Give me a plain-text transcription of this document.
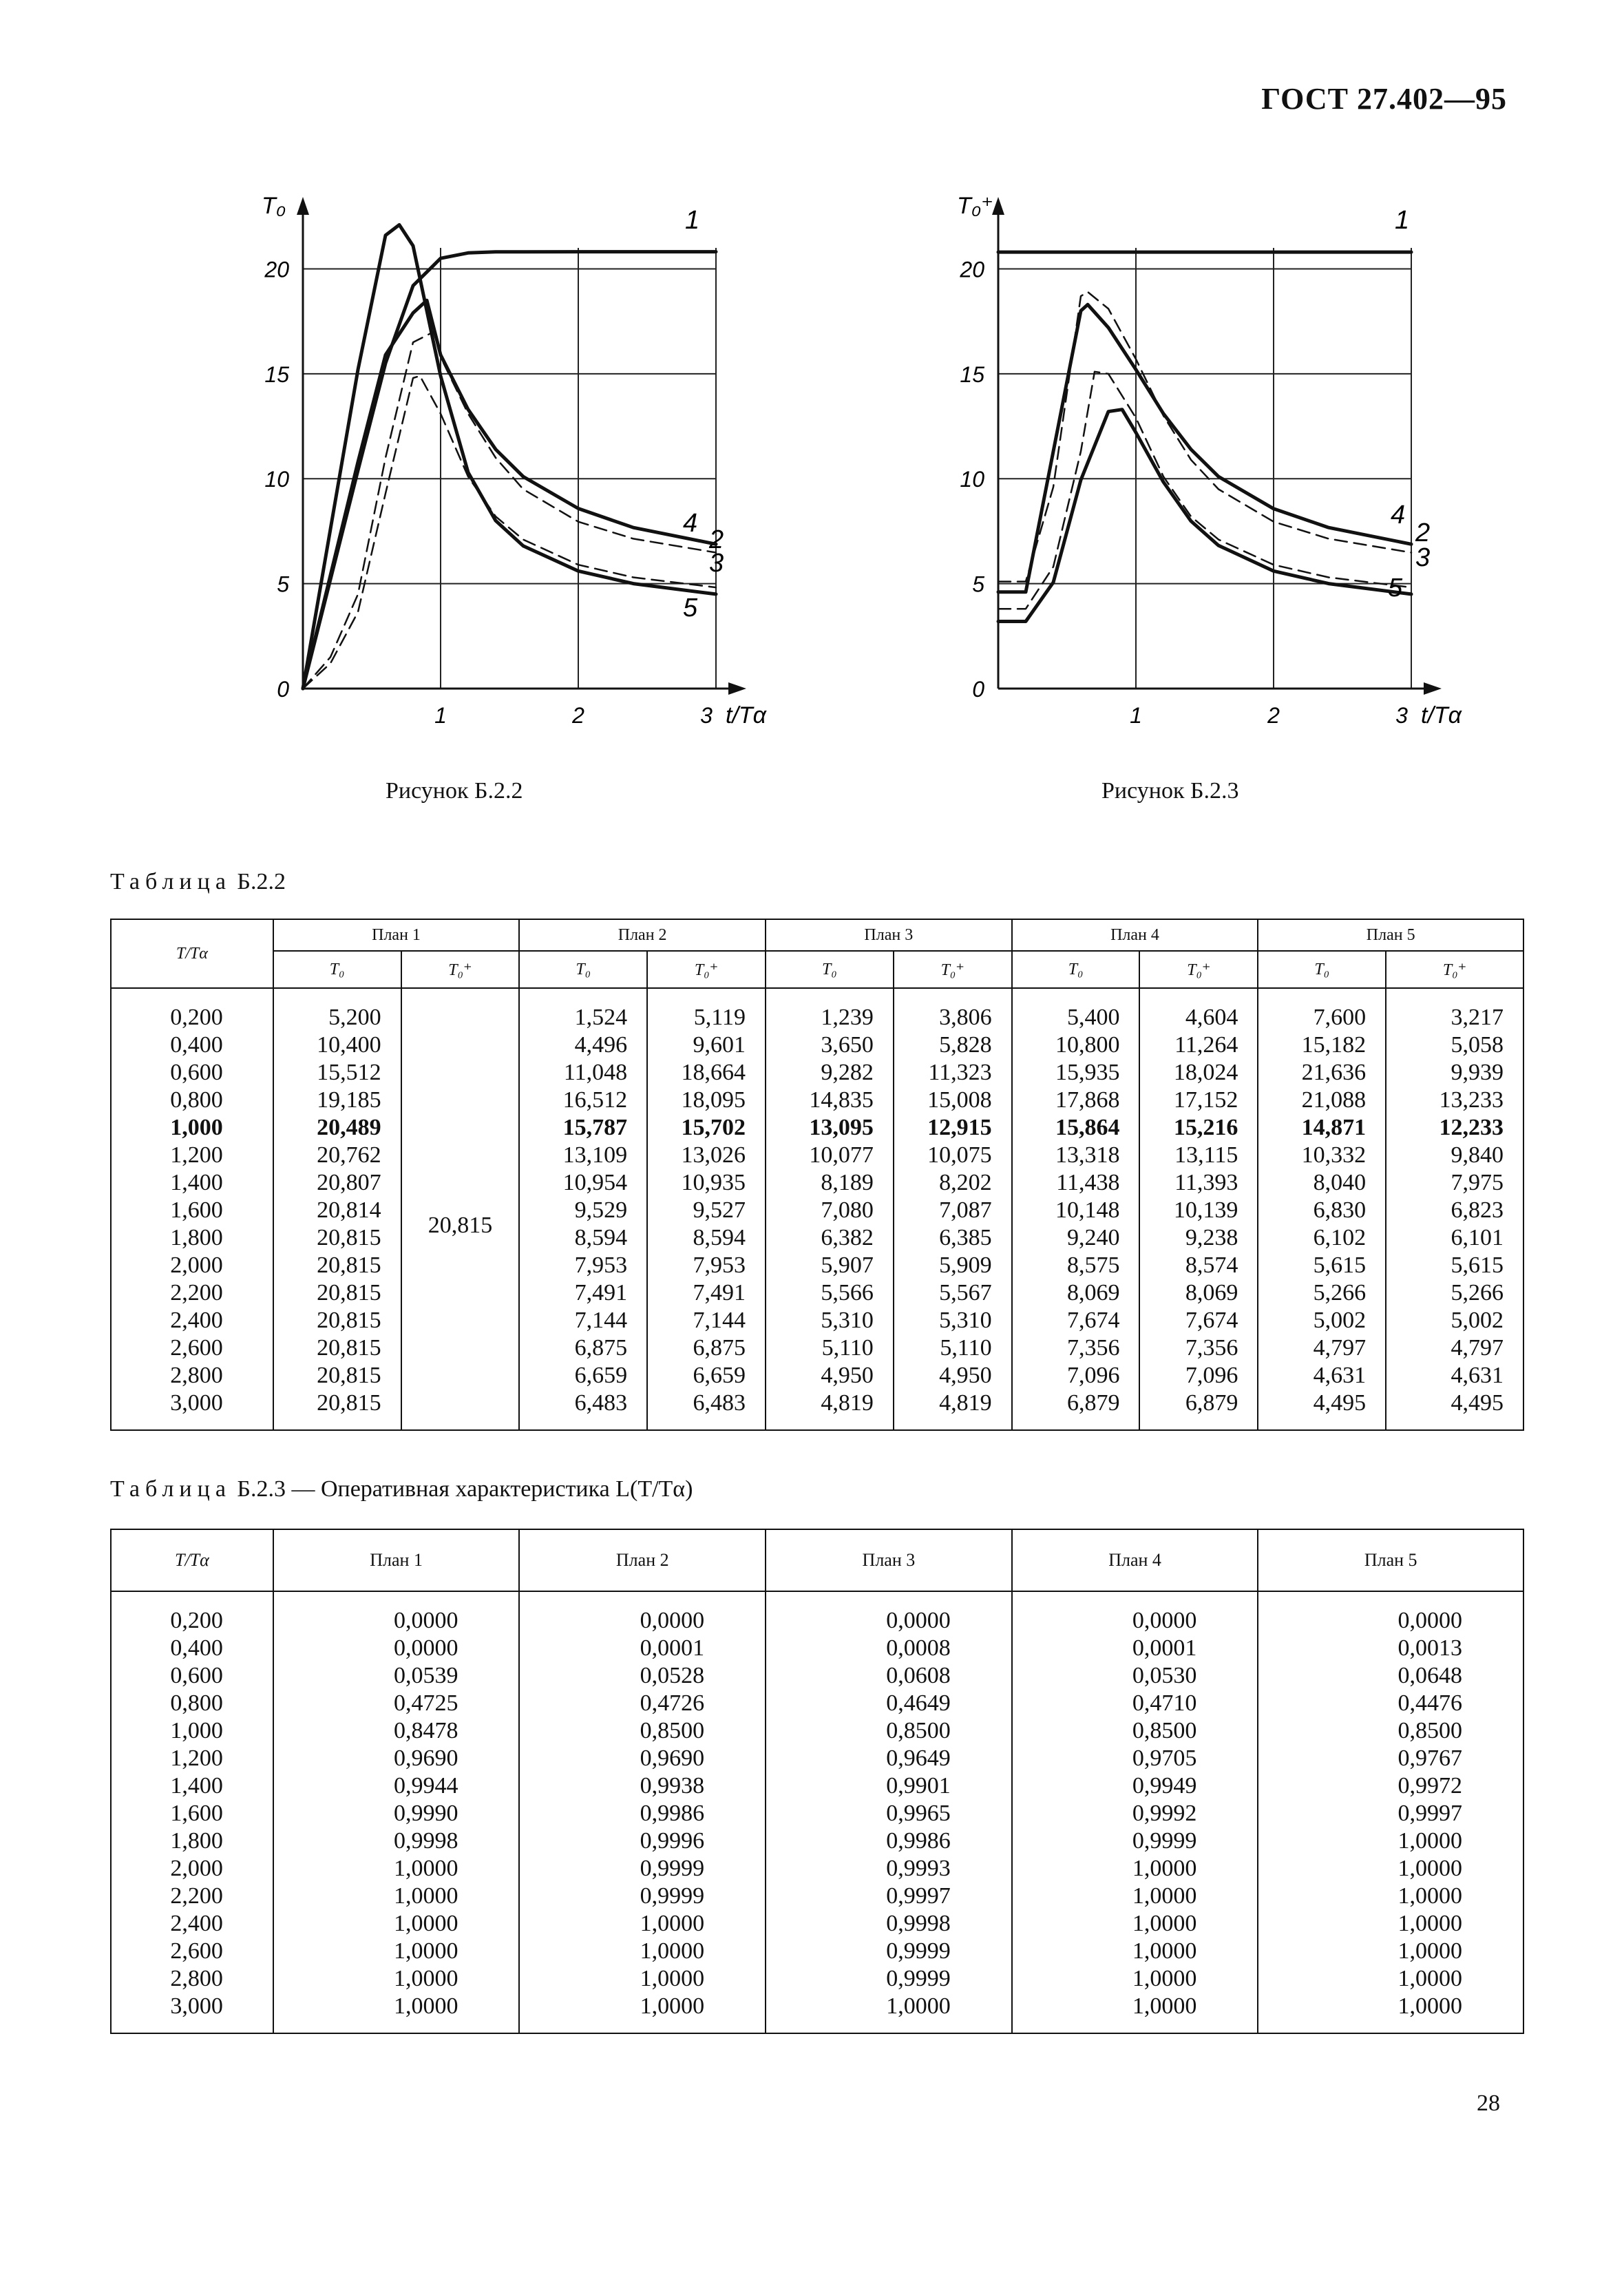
ГОСТ 27.402—95
0
5
10
15
20
1	2	3
T₀
t/Tα
1
2
3
4
5
0
5
10
15
20
1	2	3
T₀⁺
t/Tα
1
2
3
4
5
Рисунок Б.2.2	Рисунок Б.2.3
Таблица Б.2.2
T/Tα	План 1		План 2		План 3		План 4		План 5	
	T₀	T₀⁺	T₀	T₀⁺	T₀	T₀⁺	T₀	T₀⁺	T₀	T₀⁺
0,200	5,200	20,815	1,524	5,119	1,239	3,806	5,400	4,604	7,600	3,217
0,400	10,400		4,496	9,601	3,650	5,828	10,800	11,264	15,182	5,058
0,600	15,512		11,048	18,664	9,282	11,323	15,935	18,024	21,636	9,939
0,800	19,185		16,512	18,095	14,835	15,008	17,868	17,152	21,088	13,233
1,000	20,489		15,787	15,702	13,095	12,915	15,864	15,216	14,871	12,233
1,200	20,762		13,109	13,026	10,077	10,075	13,318	13,115	10,332	9,840
1,400	20,807		10,954	10,935	8,189	8,202	11,438	11,393	8,040	7,975
1,600	20,814		9,529	9,527	7,080	7,087	10,148	10,139	6,830	6,823
1,800	20,815		8,594	8,594	6,382	6,385	9,240	9,238	6,102	6,101
2,000	20,815		7,953	7,953	5,907	5,909	8,575	8,574	5,615	5,615
2,200	20,815		7,491	7,491	5,566	5,567	8,069	8,069	5,266	5,266
2,400	20,815		7,144	7,144	5,310	5,310	7,674	7,674	5,002	5,002
2,600	20,815		6,875	6,875	5,110	5,110	7,356	7,356	4,797	4,797
2,800	20,815		6,659	6,659	4,950	4,950	7,096	7,096	4,631	4,631
3,000	20,815		6,483	6,483	4,819	4,819	6,879	6,879	4,495	4,495
Таблица Б.2.3 — Оперативная характеристика L(T/Tα)
T/Tα	План 1	План 2	План 3	План 4	План 5
0,200	0,0000	0,0000	0,0000	0,0000	0,0000
0,400	0,0000	0,0001	0,0008	0,0001	0,0013
0,600	0,0539	0,0528	0,0608	0,0530	0,0648
0,800	0,4725	0,4726	0,4649	0,4710	0,4476
1,000	0,8478	0,8500	0,8500	0,8500	0,8500
1,200	0,9690	0,9690	0,9649	0,9705	0,9767
1,400	0,9944	0,9938	0,9901	0,9949	0,9972
1,600	0,9990	0,9986	0,9965	0,9992	0,9997
1,800	0,9998	0,9996	0,9986	0,9999	1,0000
2,000	1,0000	0,9999	0,9993	1,0000	1,0000
2,200	1,0000	0,9999	0,9997	1,0000	1,0000
2,400	1,0000	1,0000	0,9998	1,0000	1,0000
2,600	1,0000	1,0000	0,9999	1,0000	1,0000
2,800	1,0000	1,0000	0,9999	1,0000	1,0000
3,000	1,0000	1,0000	1,0000	1,0000	1,0000
28
